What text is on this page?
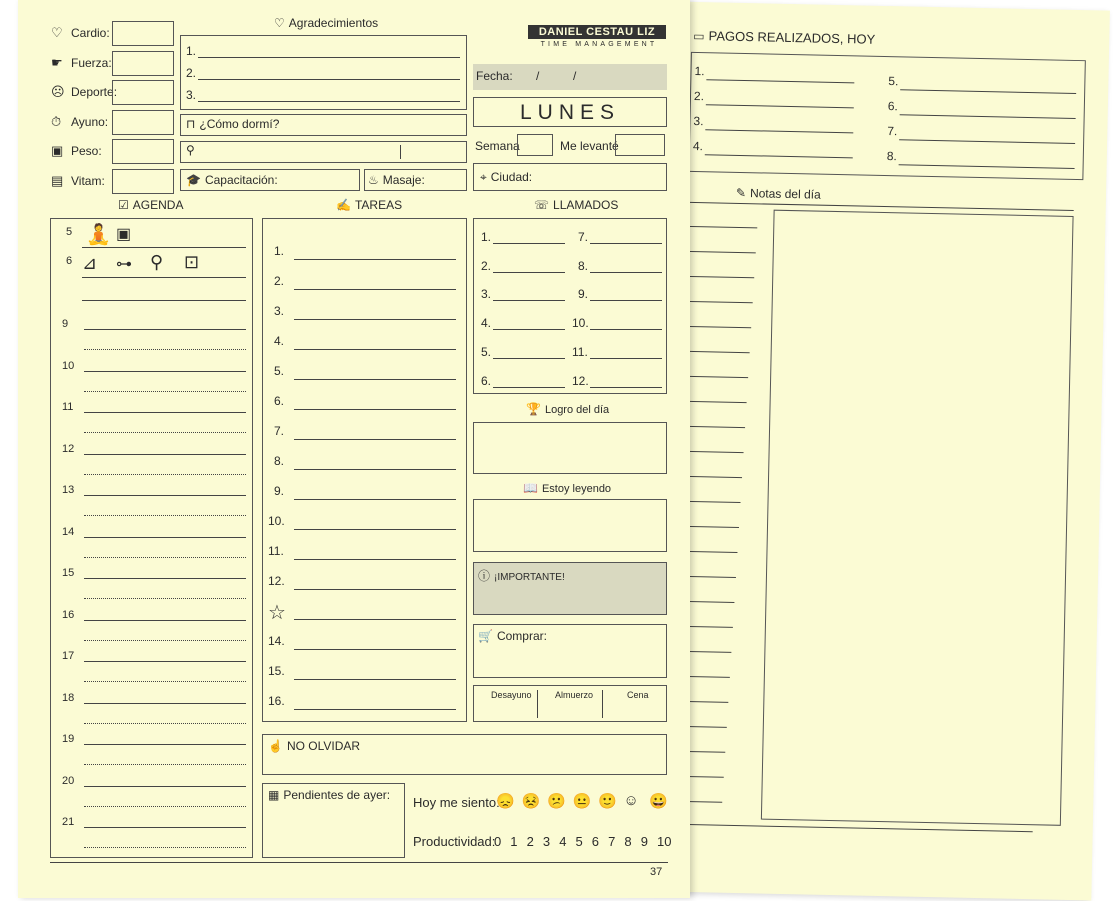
▭ PAGOS REALIZADOS, HOY
1.
2.
3.
4.
5.
6.
7.
8.
✎ Notas del día
♡ Cardio:
☛ Fuerza:
☹ Deporte:
⏱ Ayuno:
▣ Peso:
▤ Vitam:
♡ Agradecimientos
1.
2.
3.
⊓ ¿Cómo dormí?
⚲
🎓 Capacitación:	♨ Masaje:
DANIEL CESTAU LIZ
TIME MANAGEMENT
Fecha: /	/
LUNES
Semana	Me levanté
⌖ Ciudad:
☑ AGENDA	✍ TAREAS	☏ LLAMADOS
🧘 ▣
⊿ ⊶ ⚲ ⊡
5
6
9
10
11
12
13
14
15
16
17
18
19
20
21
1.
2.
3.
4.
5.
6.
7.
8.
9.
10.
11.
12.
☆
14.
15.
16.
1.
2.
3.
4.
5.
6.
7.
8.
9.
10.
11.
12.
🏆 Logro del día
📖 Estoy leyendo
ⓘ ¡IMPORTANTE!
🛒 Comprar:
Desayuno	Almuerzo	Cena
☝ NO OLVIDAR
▦ Pendientes de ayer: Hoy me siento:
😞 😣 😕 😐 🙂 ☺ 😀
Productividad:
0 1 2 3 4 5 6 7 8 9 10
37
